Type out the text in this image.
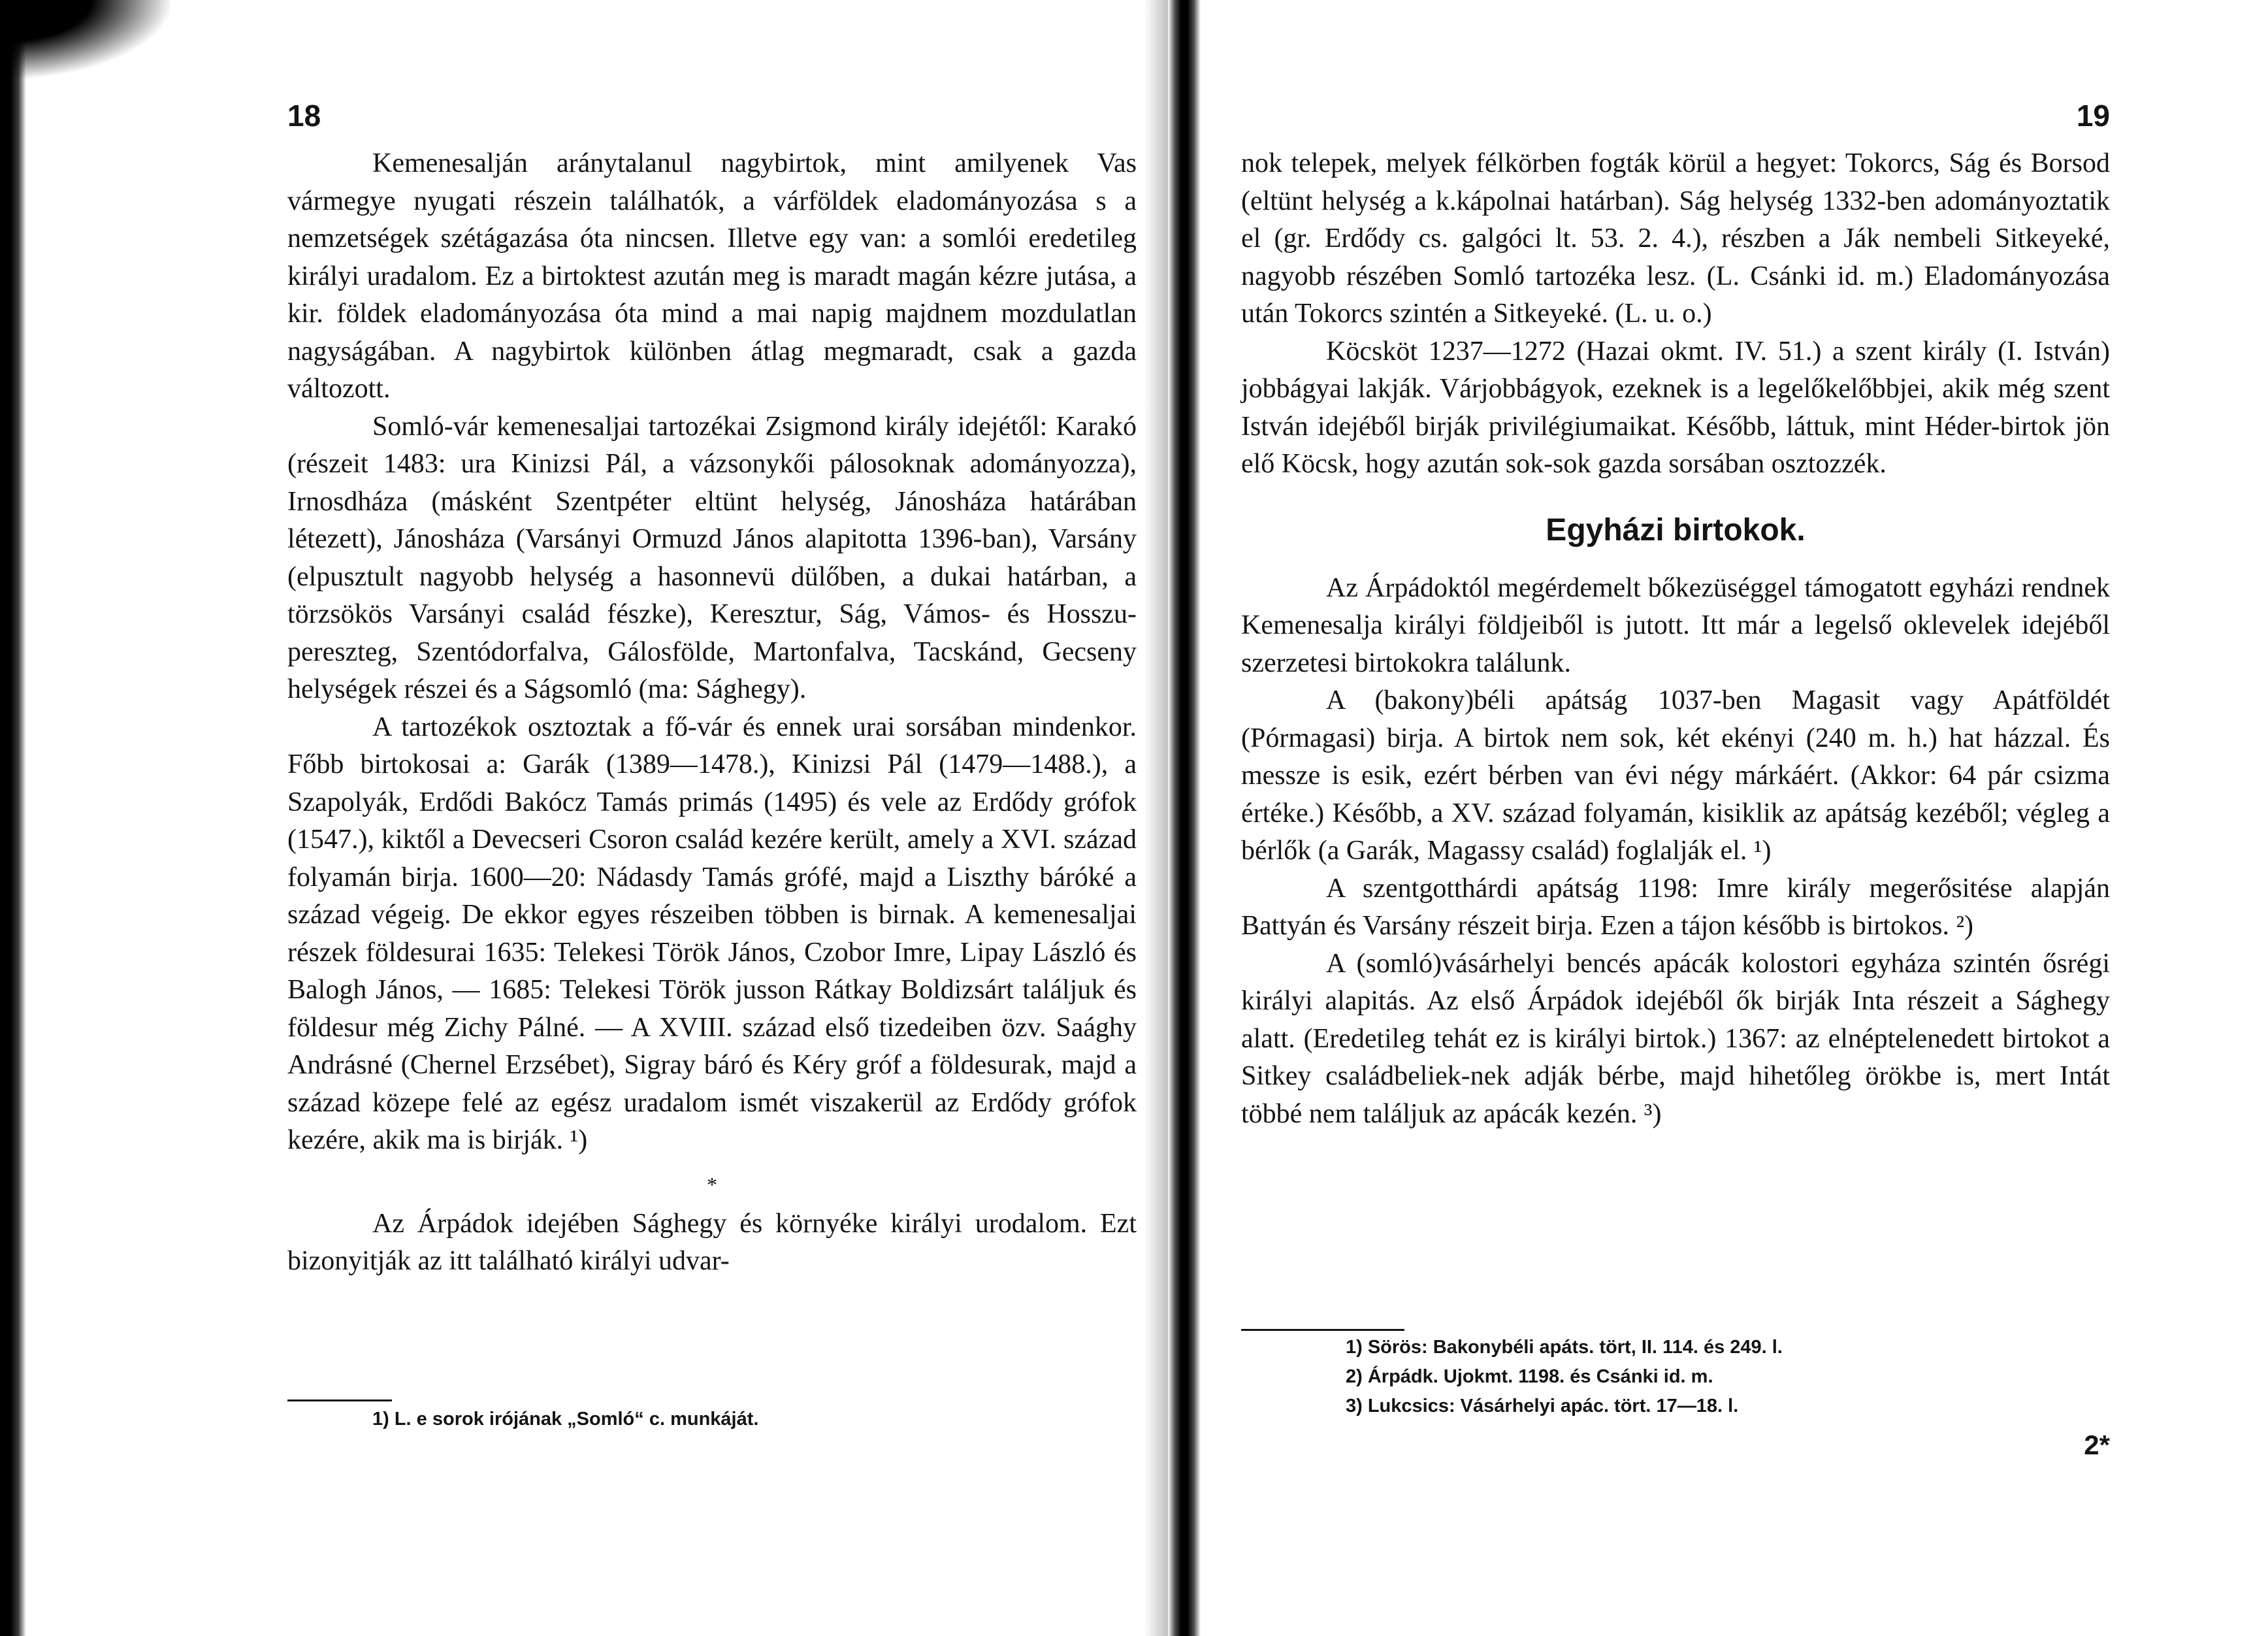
18

Kemenesalján aránytalanul nagybirtok, mint amilyenek Vas vármegye nyugati részein találhatók, a várföldek eladományozása s a nemzetségek szétágazása óta nincsen. Illetve egy van: a somlói eredetileg királyi uradalom. Ez a birtoktest azután meg is maradt magán kézre jutása, a kir. földek eladományozása óta mind a mai napig majdnem mozdulatlan nagyságában. A nagybirtok különben átlag megmaradt, csak a gazda változott.

Somló-vár kemenesaljai tartozékai Zsigmond király idejétől: Karakó (részeit 1483: ura Kinizsi Pál, a vázsonykői pálosoknak adományozza), Irnosdháza (másként Szentpéter eltünt helység, Jánosháza határában létezett), Jánosháza (Varsányi Ormuzd János alapitotta 1396-ban), Varsány (elpusztult nagyobb helység a hasonnevü dülőben, a dukai határban, a törzsökös Varsányi család fészke), Keresztur, Ság, Vámos- és Hosszu-pereszteg, Szentódorfalva, Gálosfölde, Martonfalva, Tacskánd, Gecseny helységek részei és a Ságsomló (ma: Sághegy).

A tartozékok osztoztak a fő-vár és ennek urai sorsában mindenkor. Főbb birtokosai a: Garák (1389—1478.), Kinizsi Pál (1479—1488.), a Szapolyák, Erdődi Bakócz Tamás primás (1495) és vele az Erdődy grófok (1547.), kiktől a Devecseri Csoron család kezére került, amely a XVI. század folyamán birja. 1600—20: Nádasdy Tamás grófé, majd a Liszthy báróké a század végeig. De ekkor egyes részeiben többen is birnak. A kemenesaljai részek földesurai 1635: Telekesi Török János, Czobor Imre, Lipay László és Balogh János, — 1685: Telekesi Török jusson Rátkay Boldizsárt találjuk és földesur még Zichy Pálné. — A XVIII. század első tizedeiben özv. Saághy Andrásné (Chernel Erzsébet), Sigray báró és Kéry gróf a földesurak, majd a század közepe felé az egész uradalom ismét viszakerül az Erdődy grófok kezére, akik ma is birják. ¹)

*

Az Árpádok idejében Sághegy és környéke királyi urodalom. Ezt bizonyitják az itt található királyi udvar-

1) L. e sorok irójának „Somló“ c. munkáját.
19

nok telepek, melyek félkörben fogták körül a hegyet: Tokorcs, Ság és Borsod (eltünt helység a k.kápolnai határban). Ság helység 1332-ben adományoztatik el (gr. Erdődy cs. galgóci lt. 53. 2. 4.), részben a Ják nembeli Sitkeyeké, nagyobb részében Somló tartozéka lesz. (L. Csánki id. m.) Eladományozása után Tokorcs szintén a Sitkeyeké. (L. u. o.)

Köcsköt 1237—1272 (Hazai okmt. IV. 51.) a szent király (I. István) jobbágyai lakják. Várjobbágyok, ezeknek is a legelőkelőbbjei, akik még szent István idejéből birják privilégiumaikat. Később, láttuk, mint Héder-birtok jön elő Köcsk, hogy azután sok-sok gazda sorsában osztozzék.

Egyházi birtokok.

Az Árpádoktól megérdemelt bőkezüséggel támogatott egyházi rendnek Kemenesalja királyi földjeiből is jutott. Itt már a legelső oklevelek idejéből szerzetesi birtokokra találunk.

A (bakony)béli apátság 1037-ben Magasit vagy Apátföldét (Pórmagasi) birja. A birtok nem sok, két ekényi (240 m. h.) hat házzal. És messze is esik, ezért bérben van évi négy márkáért. (Akkor: 64 pár csizma értéke.) Később, a XV. század folyamán, kisiklik az apátság kezéből; végleg a bérlők (a Garák, Magassy család) foglalják el. ¹)

A szentgotthárdi apátság 1198: Imre király megerősitése alapján Battyán és Varsány részeit birja. Ezen a tájon később is birtokos. ²)

A (somló)vásárhelyi bencés apácák kolostori egyháza szintén ősrégi királyi alapitás. Az első Árpádok idejéből ők birják Inta részeit a Sághegy alatt. (Eredetileg tehát ez is királyi birtok.) 1367: az elnéptelenedett birtokot a Sitkey családbeliek-nek adják bérbe, majd hihetőleg örökbe is, mert Intát többé nem találjuk az apácák kezén. ³)

1) Sörös: Bakonybéli apáts. tört, II. 114. és 249. l.
2) Árpádk. Ujokmt. 1198. és Csánki id. m.
3) Lukcsics: Vásárhelyi apác. tört. 17—18. l.
2*
